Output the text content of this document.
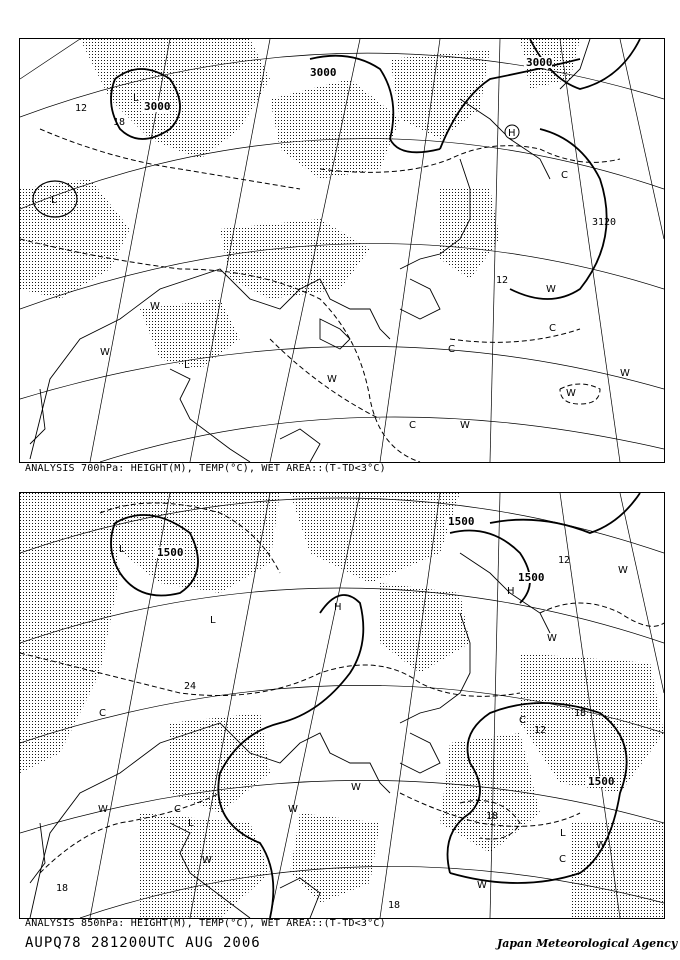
3000
3000
3000
3120
12
18
12
L
L
L
H
W
W
W
W
W
W
C
C
C
C
W
ANALYSIS 700hPa: HEIGHT(M), TEMP(°C), WET AREA::(T-TD<3°C)
1500
1500
1500
1500
24
12
18
18
18
18
12
L
L
H
H
L
L
C
C
W
W
W
W
W
C
C
W
W
W
ANALYSIS 850hPa: HEIGHT(M), TEMP(°C), WET AREA::(T-TD<3°C)
AUPQ78 281200UTC AUG 2006	Japan Meteorological Agency
